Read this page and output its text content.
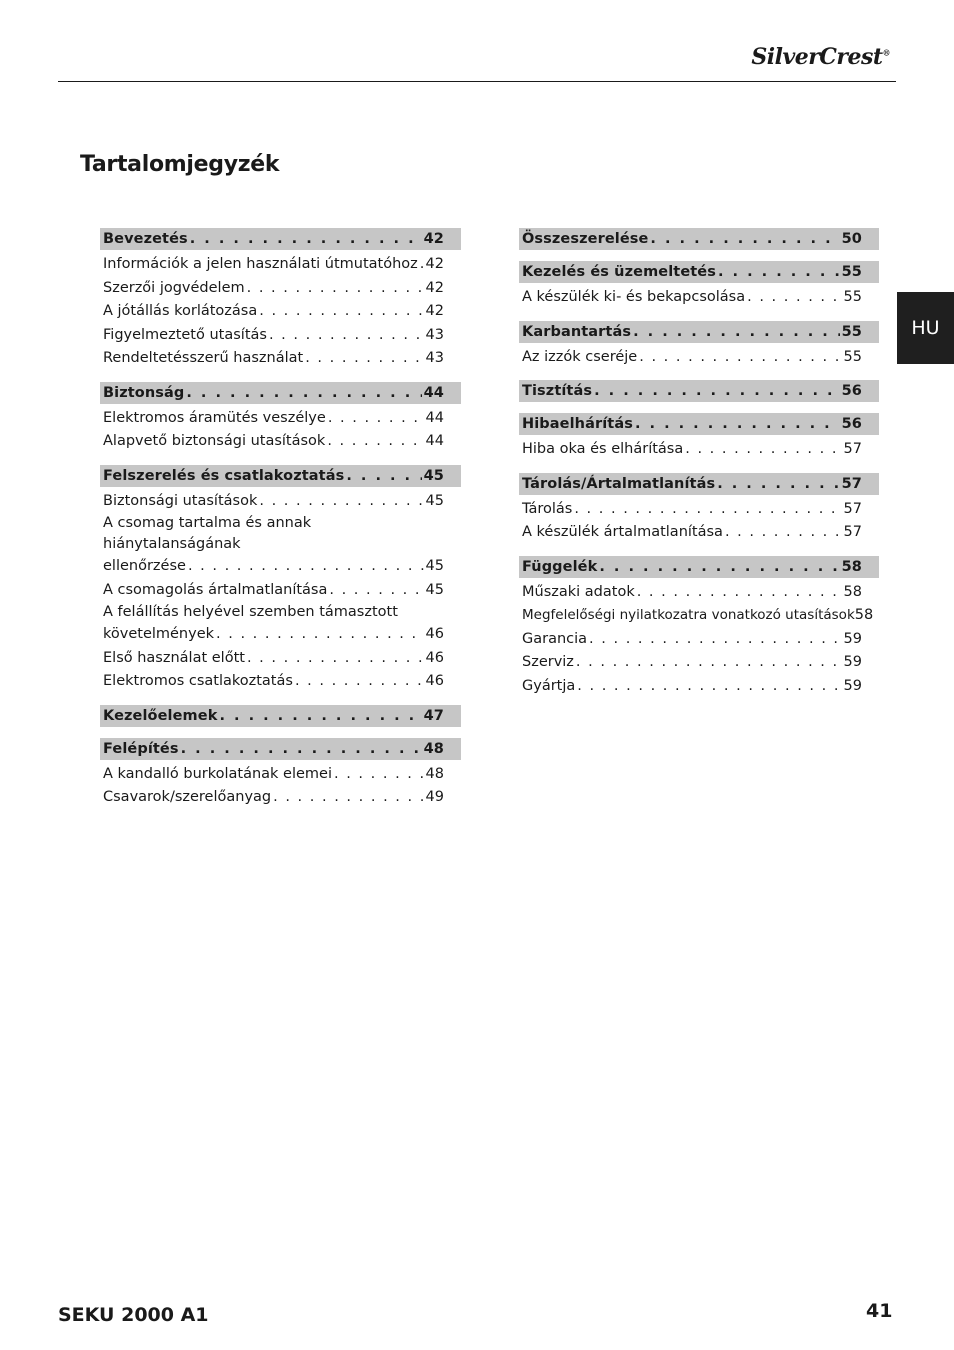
SilverCrest®
Tartalomjegyzék
HU
Bevezetés . . .	42
Információk a jelen használati útmutatóhoz . . . 42
Szerzői jogvédelem . . .	42
A jótállás korlátozása . . .	42
Figyelmeztető utasítás . . .	43
Rendeltetésszerű használat . . .	43
Biztonság . . .	44
Elektromos áramütés veszélye . . .	44
Alapvető biztonsági utasítások . . .	44
Felszerelés és csatlakoztatás . . .	45
Biztonsági utasítások . . .	45
A csomag tartalma és annak hiánytalanságának
ellenőrzése . . .	45
A csomagolás ártalmatlanítása . . .	45
A felállítás helyével szemben támasztott
követelmények . . .	46
Első használat előtt . . .	46
Elektromos csatlakoztatás . . .	46
Kezelőelemek . . .	47
Felépítés . . .	48
A kandalló burkolatának elemei . . .	48
Csavarok/szerelőanyag . . .	49
Összeszerelése . . .	50
Kezelés és üzemeltetés . . .	55
A készülék ki- és bekapcsolása . . .	55
Karbantartás . . .	55
Az izzók cseréje . . .	55
Tisztítás . . .	56
Hibaelhárítás . . .	56
Hiba oka és elhárítása . . .	57
Tárolás/Ártalmatlanítás . . .	57
Tárolás . . .	57
A készülék ártalmatlanítása . . .	57
Függelék . . .	58
Műszaki adatok . . .	58
Megfelelőségi nyilatkozatra vonatkozó utasítások 58
Garancia . . .	59
Szerviz . . .	59
Gyártja . . .	59
SEKU 2000 A1	41
